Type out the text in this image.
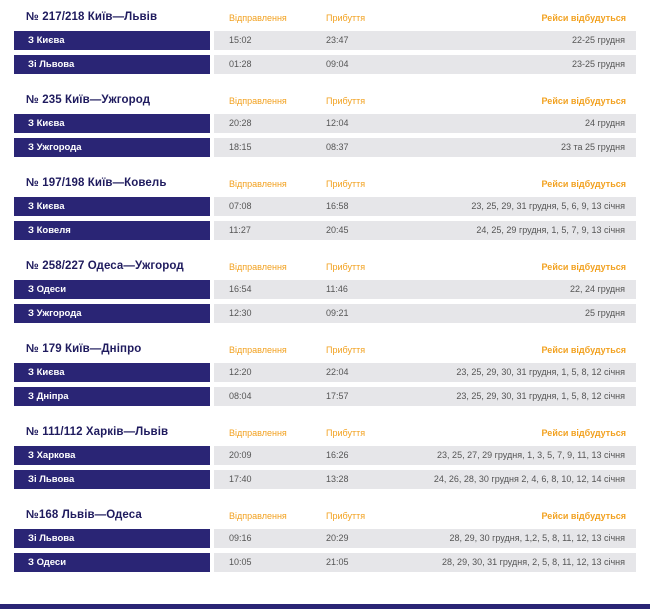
№ 217/218 Київ—Львів	Відправлення	Прибуття	Рейси відбудуться
З Києва	15:02	23:47	22-25 грудня
Зі Львова	01:28	09:04	23-25 грудня
№ 235 Київ—Ужгород	Відправлення	Прибуття	Рейси відбудуться
З Києва	20:28	12:04	24 грудня
З Ужгорода	18:15	08:37	23 та 25 грудня
№ 197/198 Київ—Ковель	Відправлення	Прибуття	Рейси відбудуться
З Києва	07:08	16:58	23, 25, 29, 31 грудня, 5, 6, 9, 13 січня
З Ковеля	11:27	20:45	24, 25, 29 грудня, 1, 5, 7, 9, 13 січня
№ 258/227 Одеса—Ужгород	Відправлення	Прибуття	Рейси відбудуться
З Одеси	16:54	11:46	22, 24 грудня
З Ужгорода	12:30	09:21	25 грудня
№ 179 Київ—Дніпро	Відправлення	Прибуття	Рейси відбудуться
З Києва	12:20	22:04	23, 25, 29, 30, 31 грудня, 1, 5, 8, 12 січня
З Дніпра	08:04	17:57	23, 25, 29, 30, 31 грудня, 1, 5, 8, 12 січня
№ 111/112 Харків—Львів	Відправлення	Прибуття	Рейси відбудуться
З Харкова	20:09	16:26	23, 25, 27, 29 грудня, 1, 3, 5, 7, 9, 11, 13 січня
Зі Львова	17:40	13:28	24, 26, 28, 30 грудня 2, 4, 6, 8, 10, 12, 14 січня
№168 Львів—Одеса	Відправлення	Прибуття	Рейси відбудуться
Зі Львова	09:16	20:29	28, 29, 30 грудня, 1,2, 5, 8, 11, 12, 13 січня
З Одеси	10:05	21:05	28, 29, 30, 31 грудня, 2, 5, 8, 11, 12, 13 січня
